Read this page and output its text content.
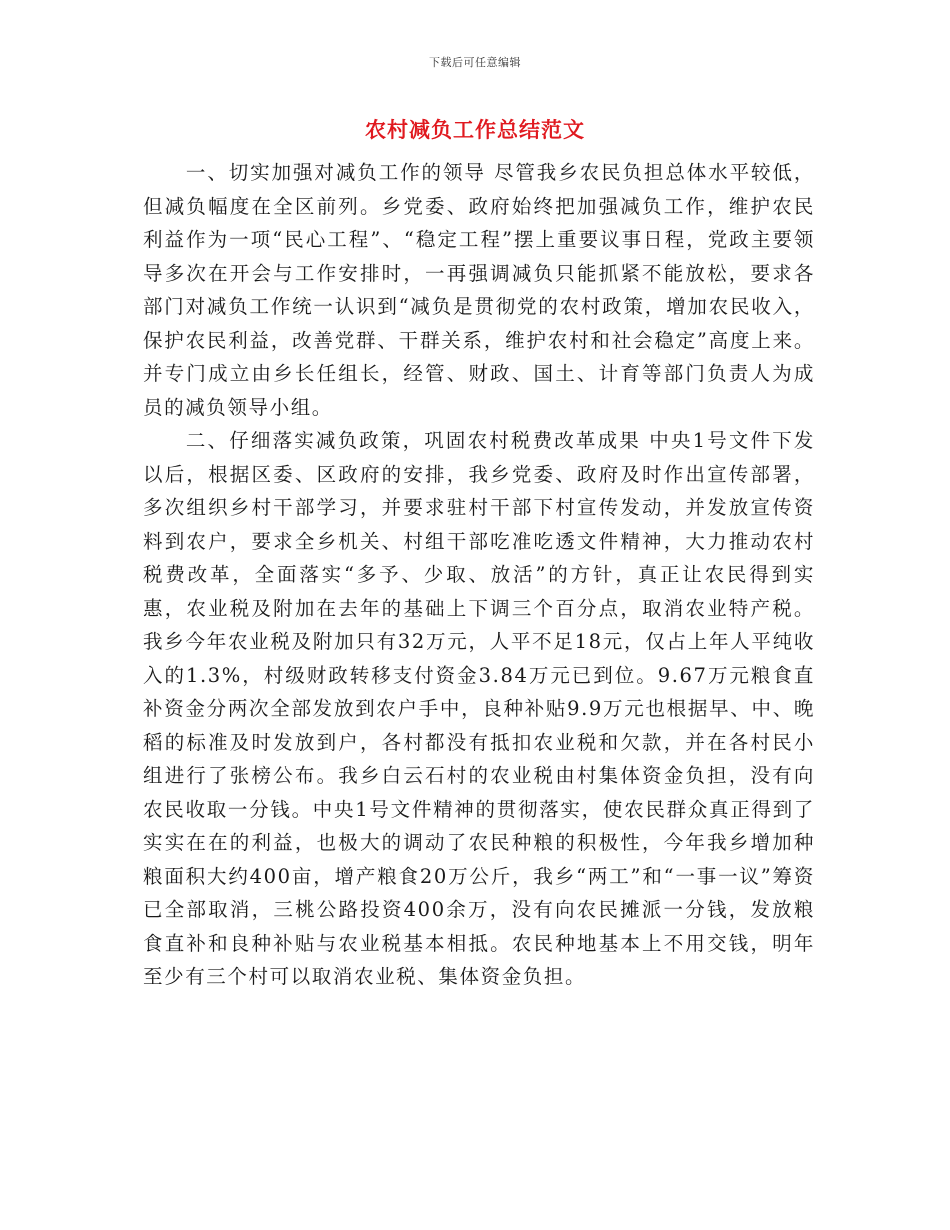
下载后可任意编辑
农村减负工作总结范文

一、切实加强对减负工作的领导 尽管我乡农民负担总体水平较低，但减负幅度在全区前列。乡党委、政府始终把加强减负工作，维护农民利益作为一项“民心工程”、“稳定工程”摆上重要议事日程，党政主要领导多次在开会与工作安排时，一再强调减负只能抓紧不能放松，要求各部门对减负工作统一认识到“减负是贯彻党的农村政策，增加农民收入，保护农民利益，改善党群、干群关系，维护农村和社会稳定”高度上来。并专门成立由乡长任组长，经管、财政、国土、计育等部门负责人为成员的减负领导小组。

二、仔细落实减负政策，巩固农村税费改革成果 中央1号文件下发以后，根据区委、区政府的安排，我乡党委、政府及时作出宣传部署，多次组织乡村干部学习，并要求驻村干部下村宣传发动，并发放宣传资料到农户，要求全乡机关、村组干部吃准吃透文件精神，大力推动农村税费改革，全面落实“多予、少取、放活”的方针，真正让农民得到实惠，农业税及附加在去年的基础上下调三个百分点，取消农业特产税。我乡今年农业税及附加只有32万元，人平不足18元，仅占上年人平纯收入的1.3%，村级财政转移支付资金3.84万元已到位。9.67万元粮食直补资金分两次全部发放到农户手中，良种补贴9.9万元也根据早、中、晚稻的标准及时发放到户，各村都没有抵扣农业税和欠款，并在各村民小组进行了张榜公布。我乡白云石村的农业税由村集体资金负担，没有向农民收取一分钱。中央1号文件精神的贯彻落实，使农民群众真正得到了实实在在的利益，也极大的调动了农民种粮的积极性，今年我乡增加种粮面积大约400亩，增产粮食20万公斤，我乡“两工”和“一事一议”筹资已全部取消，三桃公路投资400余万，没有向农民摊派一分钱，发放粮食直补和良种补贴与农业税基本相抵。农民种地基本上不用交钱，明年至少有三个村可以取消农业税、集体资金负担。
